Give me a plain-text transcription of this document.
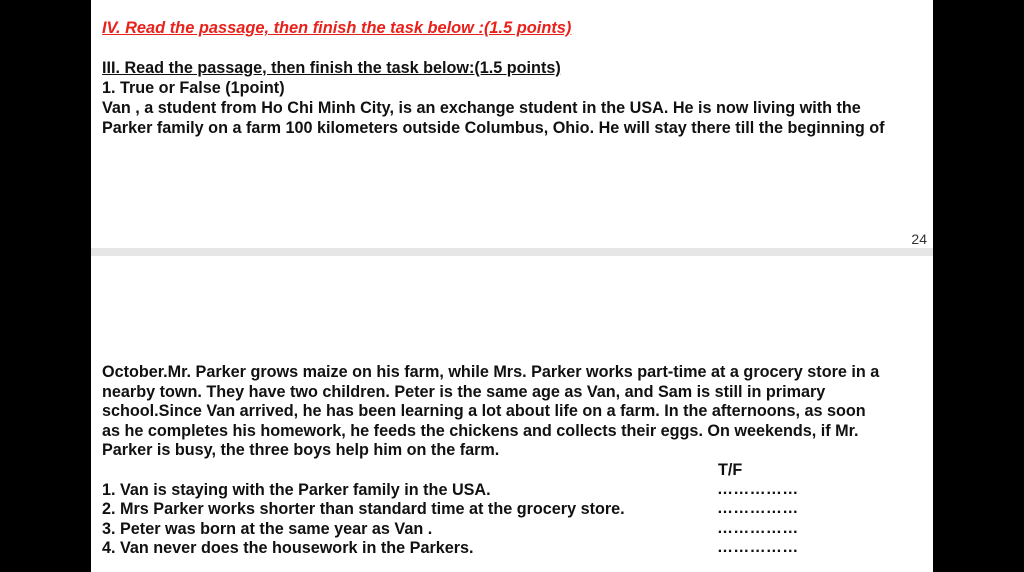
IV. Read the passage, then finish the task below :(1.5 points)
III. Read the passage, then finish the task below:(1.5 points)
1. True or False (1point)
Van , a student from Ho Chi Minh City, is an exchange student in the USA. He is now living with the
Parker family on a farm 100 kilometers outside Columbus, Ohio. He will stay there till the beginning of
24
October.Mr. Parker grows maize on his farm, while Mrs. Parker works part-time at a grocery store in a
nearby town. They have two children. Peter is the same age as Van, and Sam is still in primary
school.Since Van arrived, he has been learning a lot about life on a farm. In the afternoons, as soon
as he completes his homework, he feeds the chickens and collects their eggs. On weekends, if Mr.
Parker is busy, the three boys help him on the farm.
T/F
1. Van is staying with the Parker family in the USA.	……………
2. Mrs Parker works shorter than standard time at the grocery store.	……………
3. Peter was born at the same year as Van .	……………
4. Van never does the housework in the Parkers.	……………
